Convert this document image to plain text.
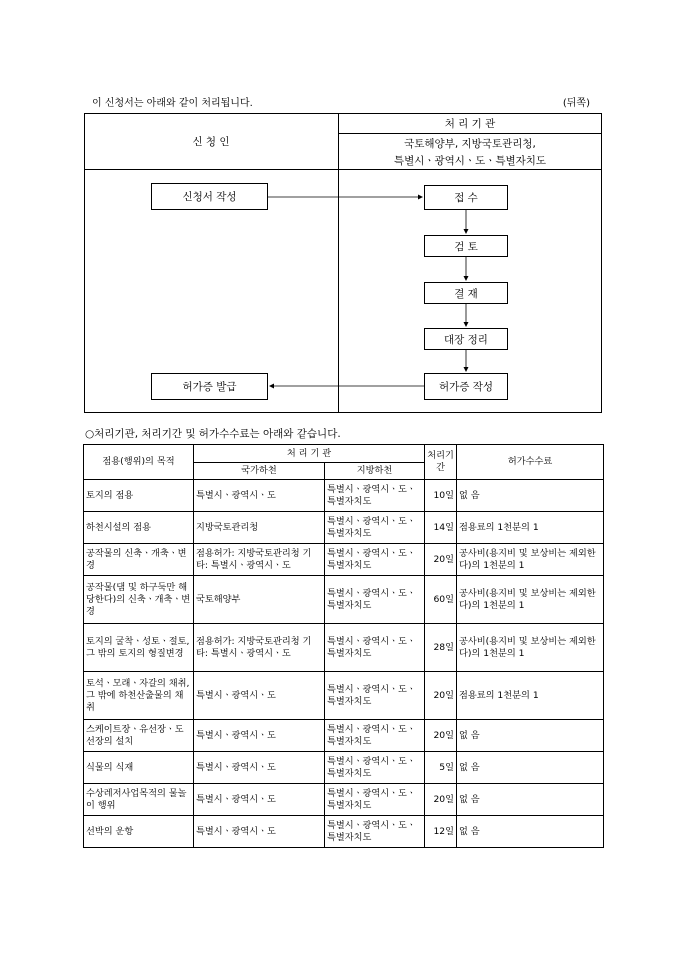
이 신청서는 아래와 같이 처리됩니다.	(뒤쪽)
신 청 인
처 리 기 관
국토해양부, 지방국토관리청,
특별시ㆍ광역시ㆍ도ㆍ특별자치도
신청서 작성
허가증 발급
접 수
검 토
결 재
대장 정리
허가증 작성
○처리기관, 처리기간 및 허가수수료는 아래와 같습니다.
점용(행위)의 목적	처 리 기 관		처리기간	허가수수료
	국가하천	지방하천		
토지의 점용	특별시ㆍ광역시ㆍ도	특별시ㆍ광역시ㆍ도ㆍ특별자치도	10일	없 음
하천시설의 점용	지방국토관리청	특별시ㆍ광역시ㆍ도ㆍ특별자치도	14일	점용료의 1천분의 1
공작물의 신축ㆍ개축ㆍ변경	점용허가: 지방국토관리청 기타: 특별시ㆍ광역시ㆍ도	특별시ㆍ광역시ㆍ도ㆍ특별자치도	20일	공사비(용지비 및 보상비는 제외한다)의 1천분의 1
공작물(댐 및 하구둑만 해당한다)의 신축ㆍ개축ㆍ변경	국토해양부	특별시ㆍ광역시ㆍ도ㆍ특별자치도	60일	공사비(용지비 및 보상비는 제외한다)의 1천분의 1
토지의 굴착ㆍ성토ㆍ절토, 그 밖의 토지의 형질변경	점용허가: 지방국토관리청 기타: 특별시ㆍ광역시ㆍ도	특별시ㆍ광역시ㆍ도ㆍ특별자치도	28일	공사비(용지비 및 보상비는 제외한다)의 1천분의 1
토석ㆍ모래ㆍ자갈의 채취, 그 밖에 하천산출물의 채취	특별시ㆍ광역시ㆍ도	특별시ㆍ광역시ㆍ도ㆍ특별자치도	20일	점용료의 1천분의 1
스케이트장ㆍ유선장ㆍ도선장의 설치	특별시ㆍ광역시ㆍ도	특별시ㆍ광역시ㆍ도ㆍ특별자치도	20일	없 음
식물의 식재	특별시ㆍ광역시ㆍ도	특별시ㆍ광역시ㆍ도ㆍ특별자치도	5일	없 음
수상레저사업목적의 물놀이 행위	특별시ㆍ광역시ㆍ도	특별시ㆍ광역시ㆍ도ㆍ특별자치도	20일	없 음
선박의 운항	특별시ㆍ광역시ㆍ도	특별시ㆍ광역시ㆍ도ㆍ특별자치도	12일	없 음
